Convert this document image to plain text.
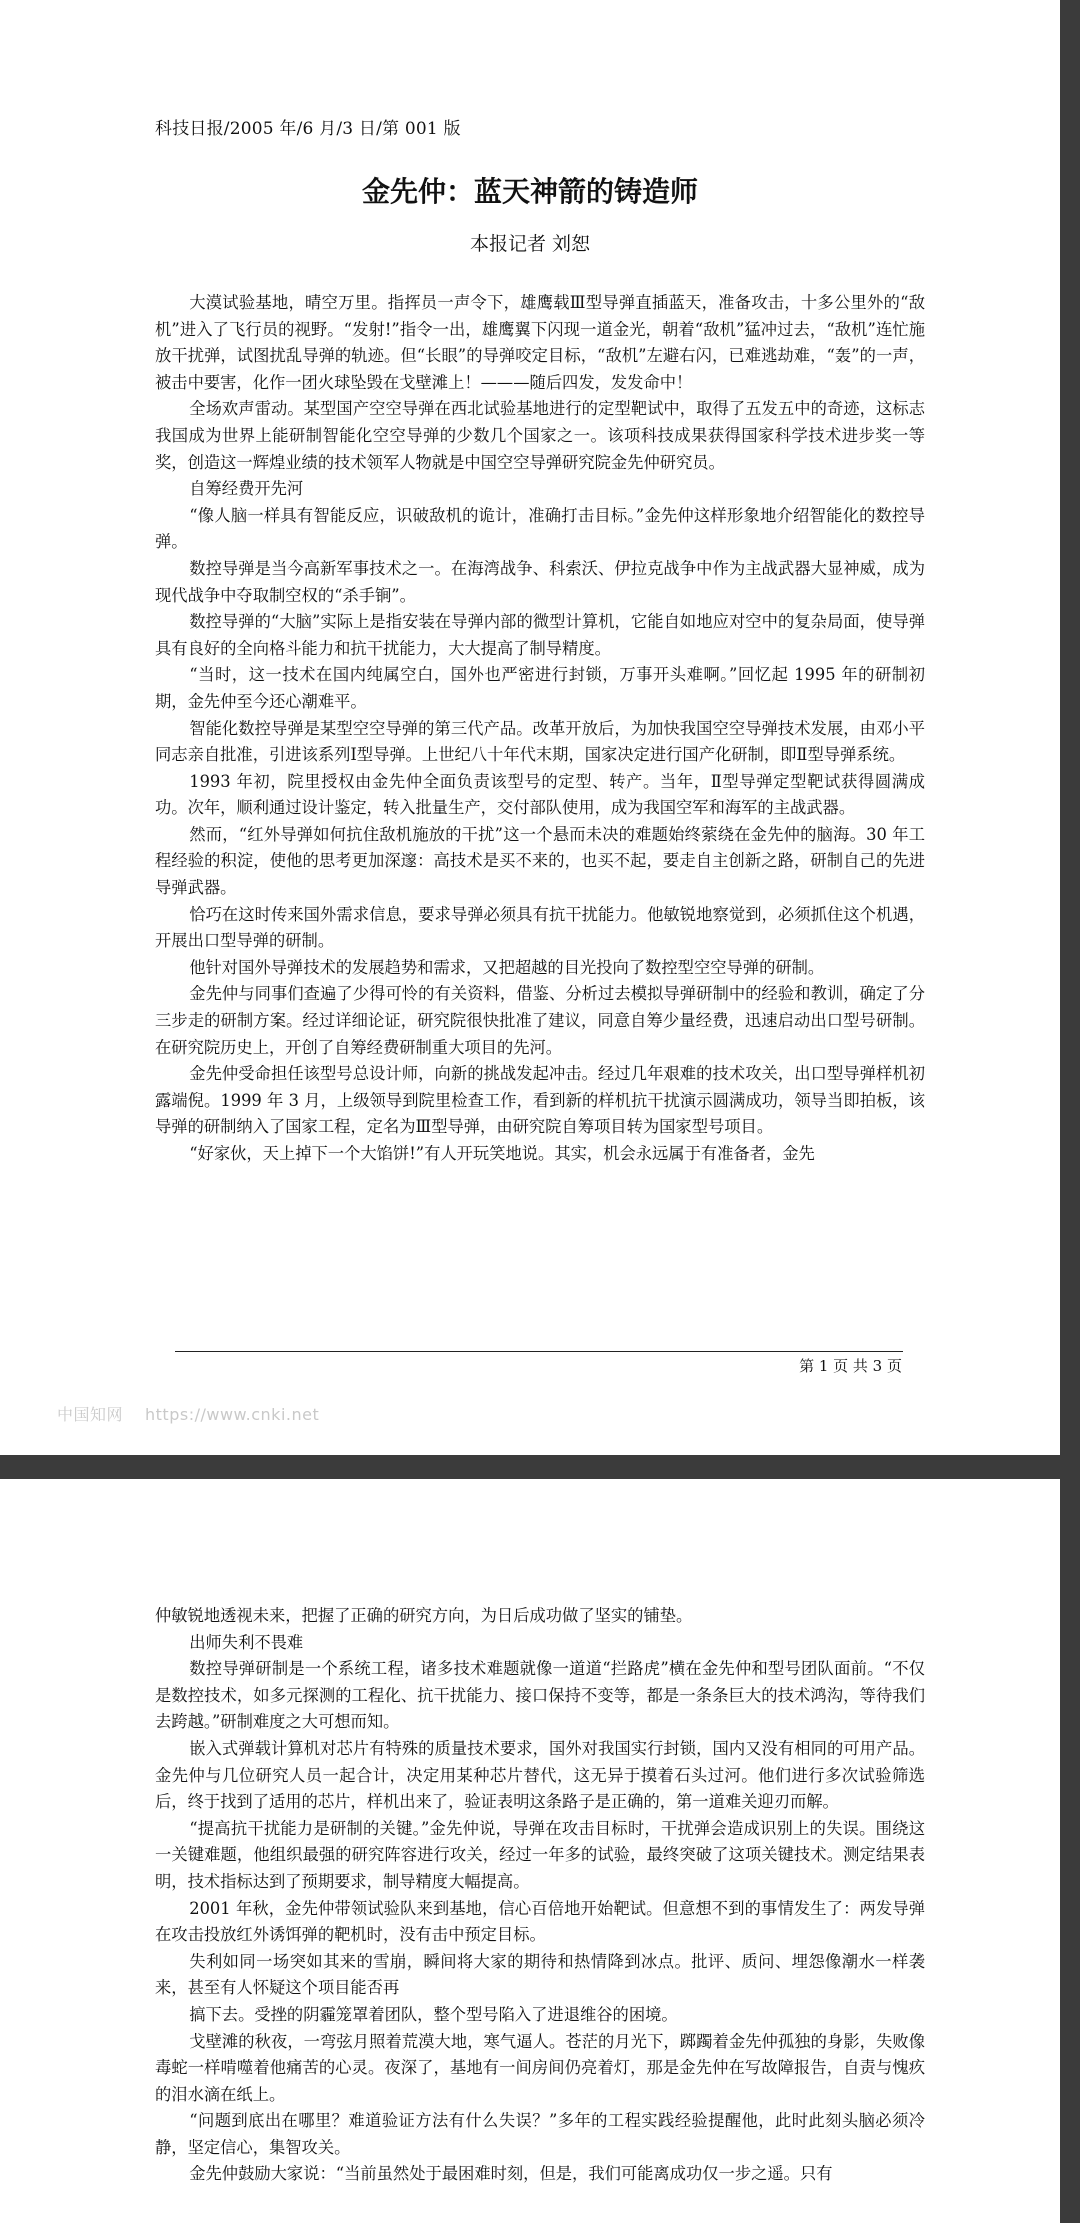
科技日报/2005 年/6 月/3 日/第 001 版
金先仲：蓝天神箭的铸造师
本报记者 刘恕

大漠试验基地，晴空万里。指挥员一声令下，雄鹰载Ⅲ型导弹直插蓝天，准备攻击，十多公里外的“敌机”进入了飞行员的视野。“发射!”指令一出，雄鹰翼下闪现一道金光，朝着“敌机”猛冲过去，“敌机”连忙施放干扰弹，试图扰乱导弹的轨迹。但“长眼”的导弹咬定目标，“敌机”左避右闪，已难逃劫难，“轰”的一声，被击中要害，化作一团火球坠毁在戈壁滩上！———随后四发，发发命中！

全场欢声雷动。某型国产空空导弹在西北试验基地进行的定型靶试中，取得了五发五中的奇迹，这标志我国成为世界上能研制智能化空空导弹的少数几个国家之一。该项科技成果获得国家科学技术进步奖一等奖，创造这一辉煌业绩的技术领军人物就是中国空空导弹研究院金先仲研究员。

自筹经费开先河

“像人脑一样具有智能反应，识破敌机的诡计，准确打击目标。”金先仲这样形象地介绍智能化的数控导弹。

数控导弹是当今高新军事技术之一。在海湾战争、科索沃、伊拉克战争中作为主战武器大显神威，成为现代战争中夺取制空权的“杀手锏”。

数控导弹的“大脑”实际上是指安装在导弹内部的微型计算机，它能自如地应对空中的复杂局面，使导弹具有良好的全向格斗能力和抗干扰能力，大大提高了制导精度。

“当时，这一技术在国内纯属空白，国外也严密进行封锁，万事开头难啊。”回忆起 1995 年的研制初期，金先仲至今还心潮难平。

智能化数控导弹是某型空空导弹的第三代产品。改革开放后，为加快我国空空导弹技术发展，由邓小平同志亲自批准，引进该系列Ⅰ型导弹。上世纪八十年代末期，国家决定进行国产化研制，即Ⅱ型导弹系统。

1993 年初，院里授权由金先仲全面负责该型号的定型、转产。当年，Ⅱ型导弹定型靶试获得圆满成功。次年，顺利通过设计鉴定，转入批量生产，交付部队使用，成为我国空军和海军的主战武器。

然而，“红外导弹如何抗住敌机施放的干扰”这一个悬而未决的难题始终萦绕在金先仲的脑海。30 年工程经验的积淀，使他的思考更加深邃：高技术是买不来的，也买不起，要走自主创新之路，研制自己的先进导弹武器。

恰巧在这时传来国外需求信息，要求导弹必须具有抗干扰能力。他敏锐地察觉到，必须抓住这个机遇，开展出口型导弹的研制。

他针对国外导弹技术的发展趋势和需求，又把超越的目光投向了数控型空空导弹的研制。

金先仲与同事们查遍了少得可怜的有关资料，借鉴、分析过去模拟导弹研制中的经验和教训，确定了分三步走的研制方案。经过详细论证，研究院很快批准了建议，同意自筹少量经费，迅速启动出口型号研制。在研究院历史上，开创了自筹经费研制重大项目的先河。

金先仲受命担任该型号总设计师，向新的挑战发起冲击。经过几年艰难的技术攻关，出口型导弹样机初露端倪。1999 年 3 月，上级领导到院里检查工作，看到新的样机抗干扰演示圆满成功，领导当即拍板，该导弹的研制纳入了国家工程，定名为Ⅲ型导弹，由研究院自筹项目转为国家型号项目。

“好家伙，天上掉下一个大馅饼!”有人开玩笑地说。其实，机会永远属于有准备者，金先

第 1 页 共 3 页
中国知网 https://www.cnki.net

仲敏锐地透视未来，把握了正确的研究方向，为日后成功做了坚实的铺垫。

出师失利不畏难

数控导弹研制是一个系统工程，诸多技术难题就像一道道“拦路虎”横在金先仲和型号团队面前。“不仅是数控技术，如多元探测的工程化、抗干扰能力、接口保持不变等，都是一条条巨大的技术鸿沟，等待我们去跨越。”研制难度之大可想而知。

嵌入式弹载计算机对芯片有特殊的质量技术要求，国外对我国实行封锁，国内又没有相同的可用产品。金先仲与几位研究人员一起合计，决定用某种芯片替代，这无异于摸着石头过河。他们进行多次试验筛选后，终于找到了适用的芯片，样机出来了，验证表明这条路子是正确的，第一道难关迎刃而解。

“提高抗干扰能力是研制的关键。”金先仲说，导弹在攻击目标时，干扰弹会造成识别上的失误。围绕这一关键难题，他组织最强的研究阵容进行攻关，经过一年多的试验，最终突破了这项关键技术。测定结果表明，技术指标达到了预期要求，制导精度大幅提高。

2001 年秋，金先仲带领试验队来到基地，信心百倍地开始靶试。但意想不到的事情发生了：两发导弹在攻击投放红外诱饵弹的靶机时，没有击中预定目标。

失利如同一场突如其来的雪崩，瞬间将大家的期待和热情降到冰点。批评、质问、埋怨像潮水一样袭来，甚至有人怀疑这个项目能否再

搞下去。受挫的阴霾笼罩着团队，整个型号陷入了进退维谷的困境。

戈壁滩的秋夜，一弯弦月照着荒漠大地，寒气逼人。苍茫的月光下，踯躅着金先仲孤独的身影，失败像毒蛇一样啃噬着他痛苦的心灵。夜深了，基地有一间房间仍亮着灯，那是金先仲在写故障报告，自责与愧疚的泪水滴在纸上。

“问题到底出在哪里？难道验证方法有什么失误？”多年的工程实践经验提醒他，此时此刻头脑必须冷静，坚定信心，集智攻关。

金先仲鼓励大家说：“当前虽然处于最困难时刻，但是，我们可能离成功仅一步之遥。只有
